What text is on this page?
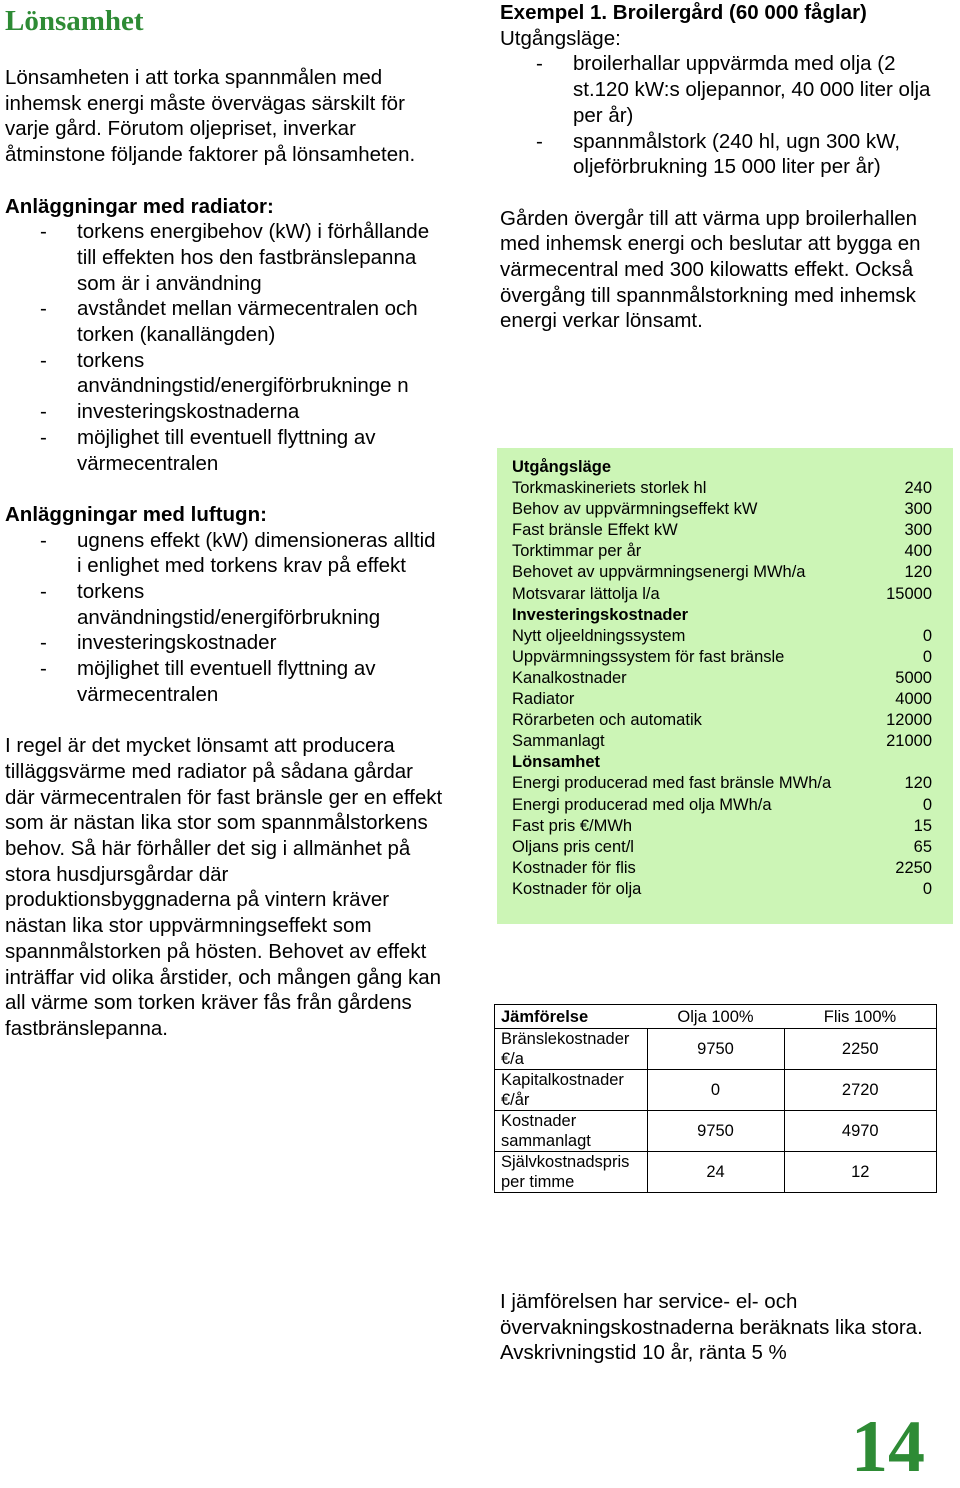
Lönsamhet

Lönsamheten i att torka spannmålen med inhemsk energi måste övervägas särskilt för varje gård. Förutom oljepriset, inverkar åtminstone följande faktorer på lönsamheten.

Anläggningar med radiator:

- torkens energibehov (kW) i förhållande till effekten hos den fastbränslepanna som är i användning
- avståndet mellan värmecentralen och torken (kanallängden)
- torkens användningstid/energiförbrukninge n
- investeringskostnaderna
- möjlighet till eventuell flyttning av värmecentralen

Anläggningar med luftugn:

- ugnens effekt (kW) dimensioneras alltid i enlighet med torkens krav på effekt
- torkens användningstid/energiförbrukning
- investeringskostnader
- möjlighet till eventuell flyttning av värmecentralen

I regel är det mycket lönsamt att producera tilläggsvärme med radiator på sådana gårdar där värmecentralen för fast bränsle ger en effekt som är nästan lika stor som spannmålstorkens behov. Så här förhåller det sig i allmänhet på stora husdjursgårdar där produktionsbyggnaderna på vintern kräver nästan lika stor uppvärmningseffekt som spannmålstorken på hösten. Behovet av effekt inträffar vid olika årstider, och mången gång kan all värme som torken kräver fås från gårdens fastbränslepanna.

Exempel 1. Broilergård (60 000 fåglar)

Utgångsläge:

- broilerhallar uppvärmda med olja (2 st.120 kW:s oljepannor, 40 000 liter olja per år)
- spannmålstork (240 hl, ugn 300 kW, oljeförbrukning 15 000 liter per år)

Gården övergår till att värma upp broilerhallen med inhemsk energi och beslutar att bygga en värmecentral med 300 kilowatts effekt. Också övergång till spannmålstorkning med inhemsk energi verkar lönsamt.

Utgångsläge
Torkmaskineriets storlek hl	240
Behov av uppvärmningseffekt kW	300
Fast bränsle Effekt kW	300
Torktimmar per år	400
Behovet av uppvärmningsenergi MWh/a	120
Motsvarar lättolja l/a	15000
Investeringskostnader
Nytt oljeeldningssystem	0
Uppvärmningssystem för fast bränsle	0
Kanalkostnader	5000
Radiator	4000
Rörarbeten och automatik	12000
Sammanlagt	21000
Lönsamhet
Energi producerad med fast bränsle MWh/a	120
Energi producerad med olja MWh/a	0
Fast pris €/MWh	15
Oljans pris cent/l	65
Kostnader för flis	2250
Kostnader för olja	0
Jämförelse	Olja 100%	Flis 100%
Bränslekostnader €/a	9750	2250
Kapitalkostnader €/år	0	2720
Kostnader sammanlagt	9750	4970
Självkostnadspris per timme	24	12

I jämförelsen har service- el- och övervakningskostnaderna beräknats lika stora. Avskrivningstid 10 år, ränta 5 %

14
